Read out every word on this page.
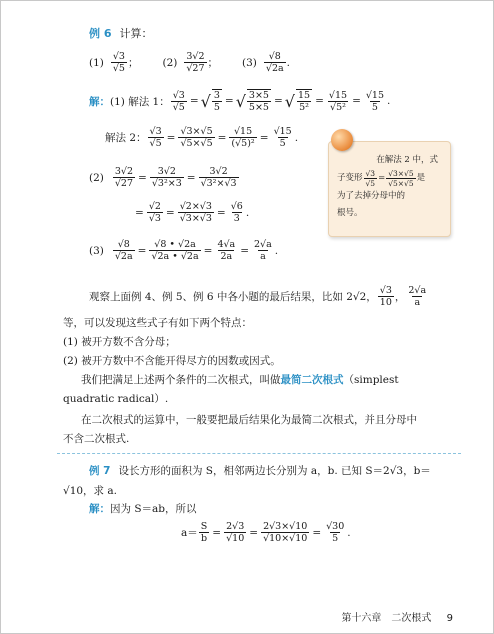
例 6 计算：
$(1) \frac{√3}{√5}$ ； $(2) \frac{3√2}{√27}$ ； $(3) \frac{√8}{√2a}$ .
解： (1) 解法 1： $\frac{√3}{√5}$ = √ $\frac{3}{5}$ = √ $\frac{3\times 5}{5\times 5}$ = √ $\frac{15}{\text{5²}} = \frac{√15}{\text{√5²}} = \frac{√15}{5}$ .
解法 2： $\frac{√3}{√5} = \frac{√3\times√5}{√5\times√5} = \frac{√15}{\text{(√5)²}} = \frac{√15}{5}$ .
$(2) \frac{3√2}{√27} = \frac{3√2}{\text{√3²×3}} = \frac{3√2}{\text{√3²×√3}}$
= $\frac{√2}{√3} = \frac{√2\times√3}{√3\times√3} = \frac{√6}{3}$ .
$(3) \frac{√8}{√2a} = \frac{√8 • √2a}{√2a • √2a} = \frac{4√a}{2a} = \frac{2√a}{a}$ .
在解法 2 中，式
子变形 $\frac{√3}{√5} = \frac{√3\times√5}{√5\times√5}$ 是
为了去掉分母中的
根号。
观察上面例 4、例 5、例 6 中各小题的最后结果，比如 2√2， $\frac{√3}{10}$ ， $\frac{2√a}{a}$
等，可以发现这些式子有如下两个特点：
(1) 被开方数不含分母；
(2) 被开方数中不含能开得尽方的因数或因式。
我们把满足上述两个条件的二次根式，叫做最简二次根式（simplest
quadratic radical）.
在二次根式的运算中，一般要把最后结果化为最简二次根式，并且分母中
不含二次根式.
例 7 设长方形的面积为 S，相邻两边长分别为 a，b. 已知 S＝2√3，b＝
√10，求 a.
解： 因为 S＝ab，所以
$a= \frac{S}{b} = \frac{2√3}{√10} = \frac{2√3\times√10}{√10\times√10} = \frac{√30}{5}$ .
第十六章　二次根式 9
